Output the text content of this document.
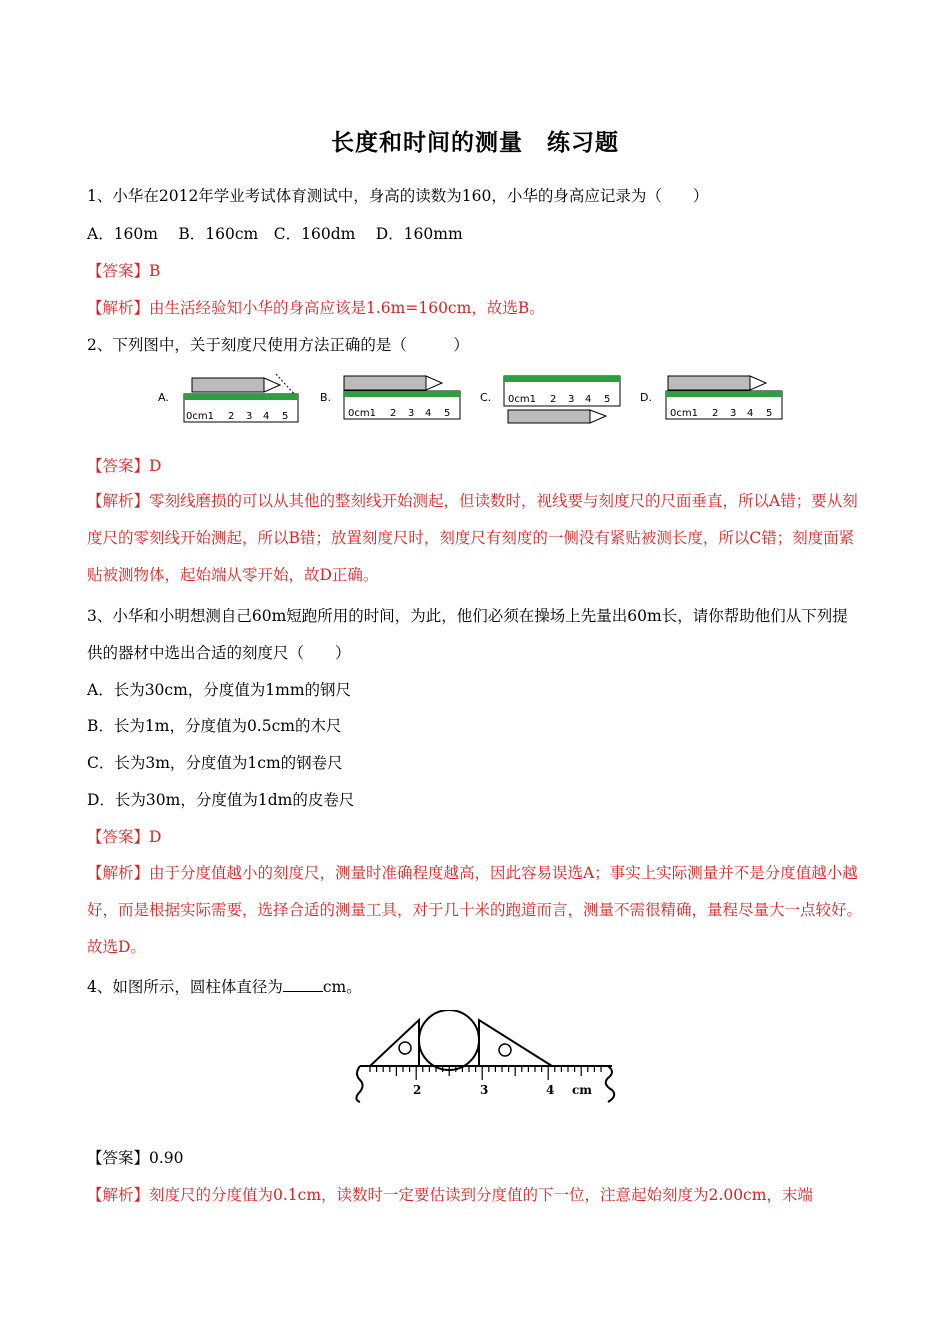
长度和时间的测量　练习题
1、小华在2012年学业考试体育测试中，身高的读数为160，小华的身高应记录为（　　）
A．160m　 B．160cm　C．160dm　 D．160mm
【答案】B
【解析】由生活经验知小华的身高应该是1.6m=160cm，故选B。
2、下列图中，关于刻度尺使用方法正确的是（　　　）
A.
0cm1 2 3 4 5
B.
0cm1 2 3 4 5
C. 0cm1 2 3 4 5	D.
0cm1 2 3 4 5
【答案】D
【解析】零刻线磨损的可以从其他的整刻线开始测起，但读数时，视线要与刻度尺的尺面垂直，所以A错；要从刻度尺的零刻线开始测起，所以B错；放置刻度尺时，刻度尺有刻度的一侧没有紧贴被测长度，所以C错；刻度面紧贴被测物体，起始端从零开始，故D正确。
3、小华和小明想测自己60m短跑所用的时间，为此，他们必须在操场上先量出60m长，请你帮助他们从下列提供的器材中选出合适的刻度尺（　　）
A．长为30cm，分度值为1mm的钢尺
B．长为1m，分度值为0.5cm的木尺
C．长为3m，分度值为1cm的钢卷尺
D．长为30m，分度值为1dm的皮卷尺
【答案】D
【解析】由于分度值越小的刻度尺，测量时准确程度越高，因此容易误选A；事实上实际测量并不是分度值越小越好，而是根据实际需要，选择合适的测量工具，对于几十米的跑道而言，测量不需很精确，量程尽量大一点较好。故选D。
4、如图所示，圆柱体直径为	cm。
2	3	4 cm
【答案】0.90
【解析】刻度尺的分度值为0.1cm，读数时一定要估读到分度值的下一位，注意起始刻度为2.00cm，末端
